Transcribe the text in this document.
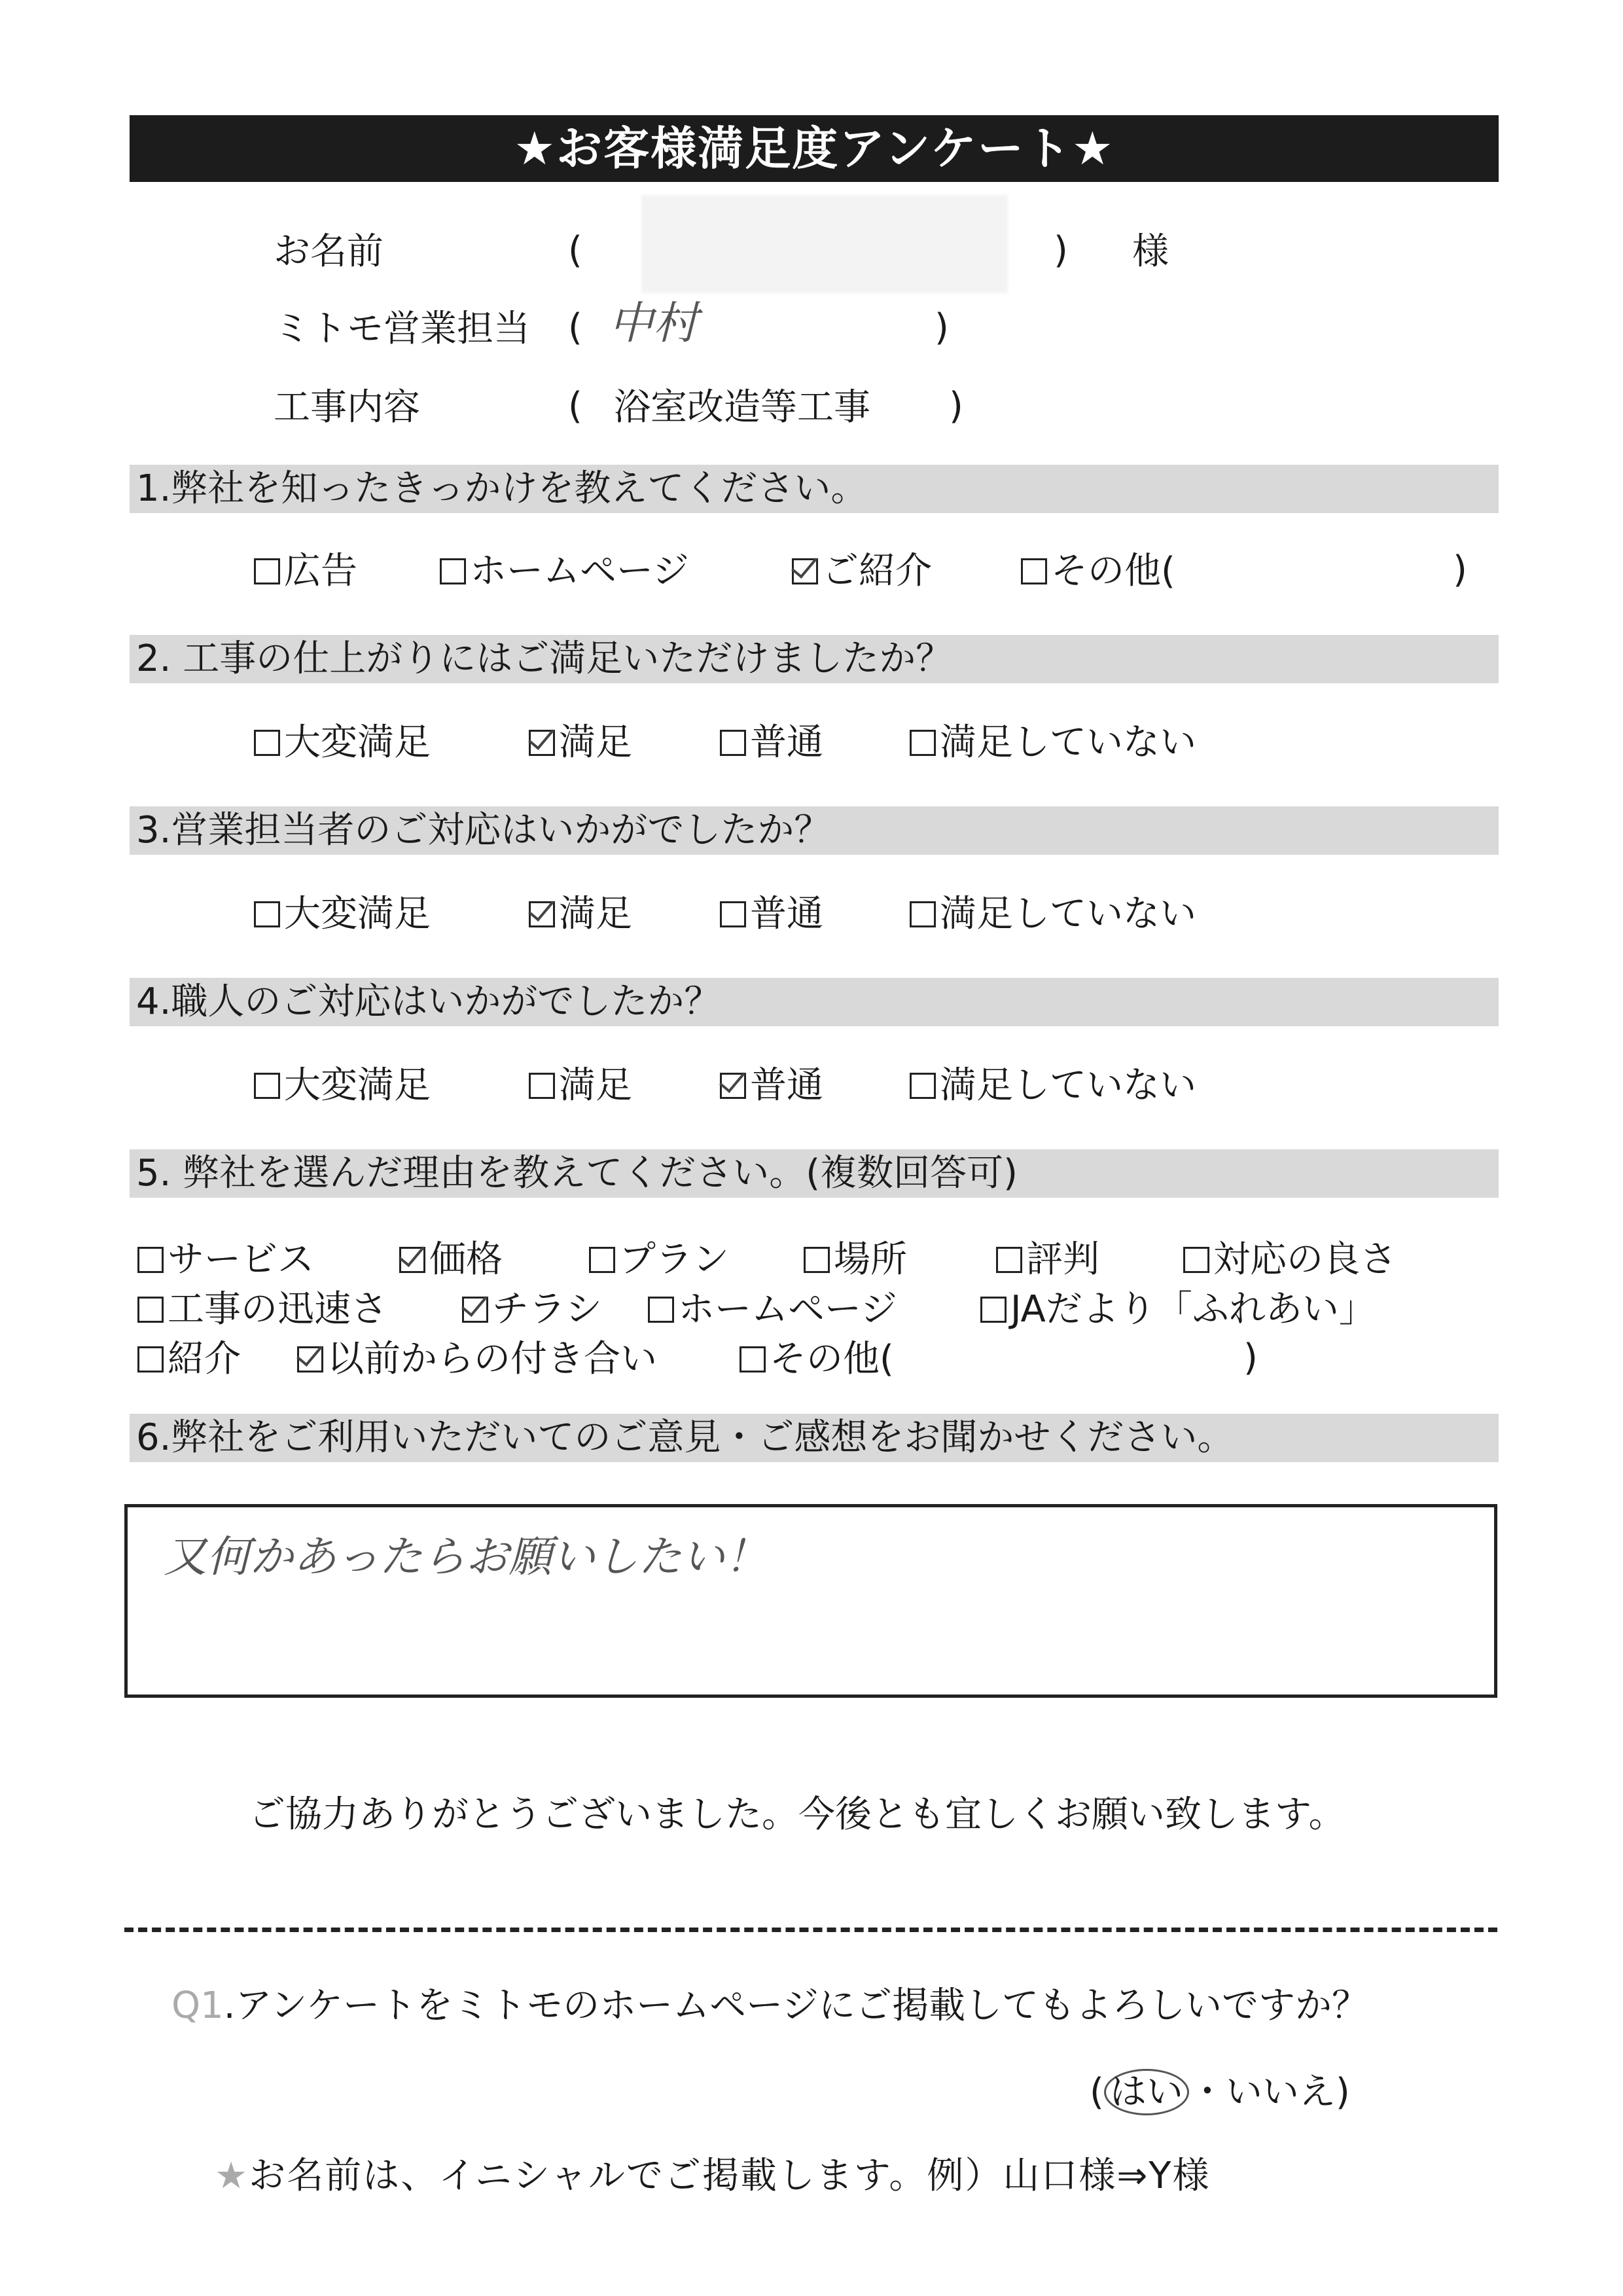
★お客様満足度アンケート★
お名前	(	) 様
ミトモ営業担当 ( 中村	)
工事内容	( 浴室改造等工事 )
1.弊社を知ったきっかけを教えてください。
広告	ホームページ	ご紹介	その他(	)
2. 工事の仕上がりにはご満足いただけましたか？
大変満足	満足	普通	満足していない
3.営業担当者のご対応はいかがでしたか？
大変満足	満足	普通	満足していない
4.職人のご対応はいかがでしたか？
大変満足	満足	普通	満足していない
5. 弊社を選んだ理由を教えてください。(複数回答可)
サービス	価格	プラン	場所	評判	対応の良さ
工事の迅速さ	チラシ ホームページ	JAだより「ふれあい」
紹介 以前からの付き合い	その他(	)
6.弊社をご利用いただいてのご意見・ご感想をお聞かせください。
又何かあったらお願いしたい！
ご協力ありがとうございました。今後とも宜しくお願い致します。
Q1.アンケートをミトモのホームページにご掲載してもよろしいですか？
( はい ・いいえ)
★お名前は、イニシャルでご掲載します。例）山口様⇒Y様
